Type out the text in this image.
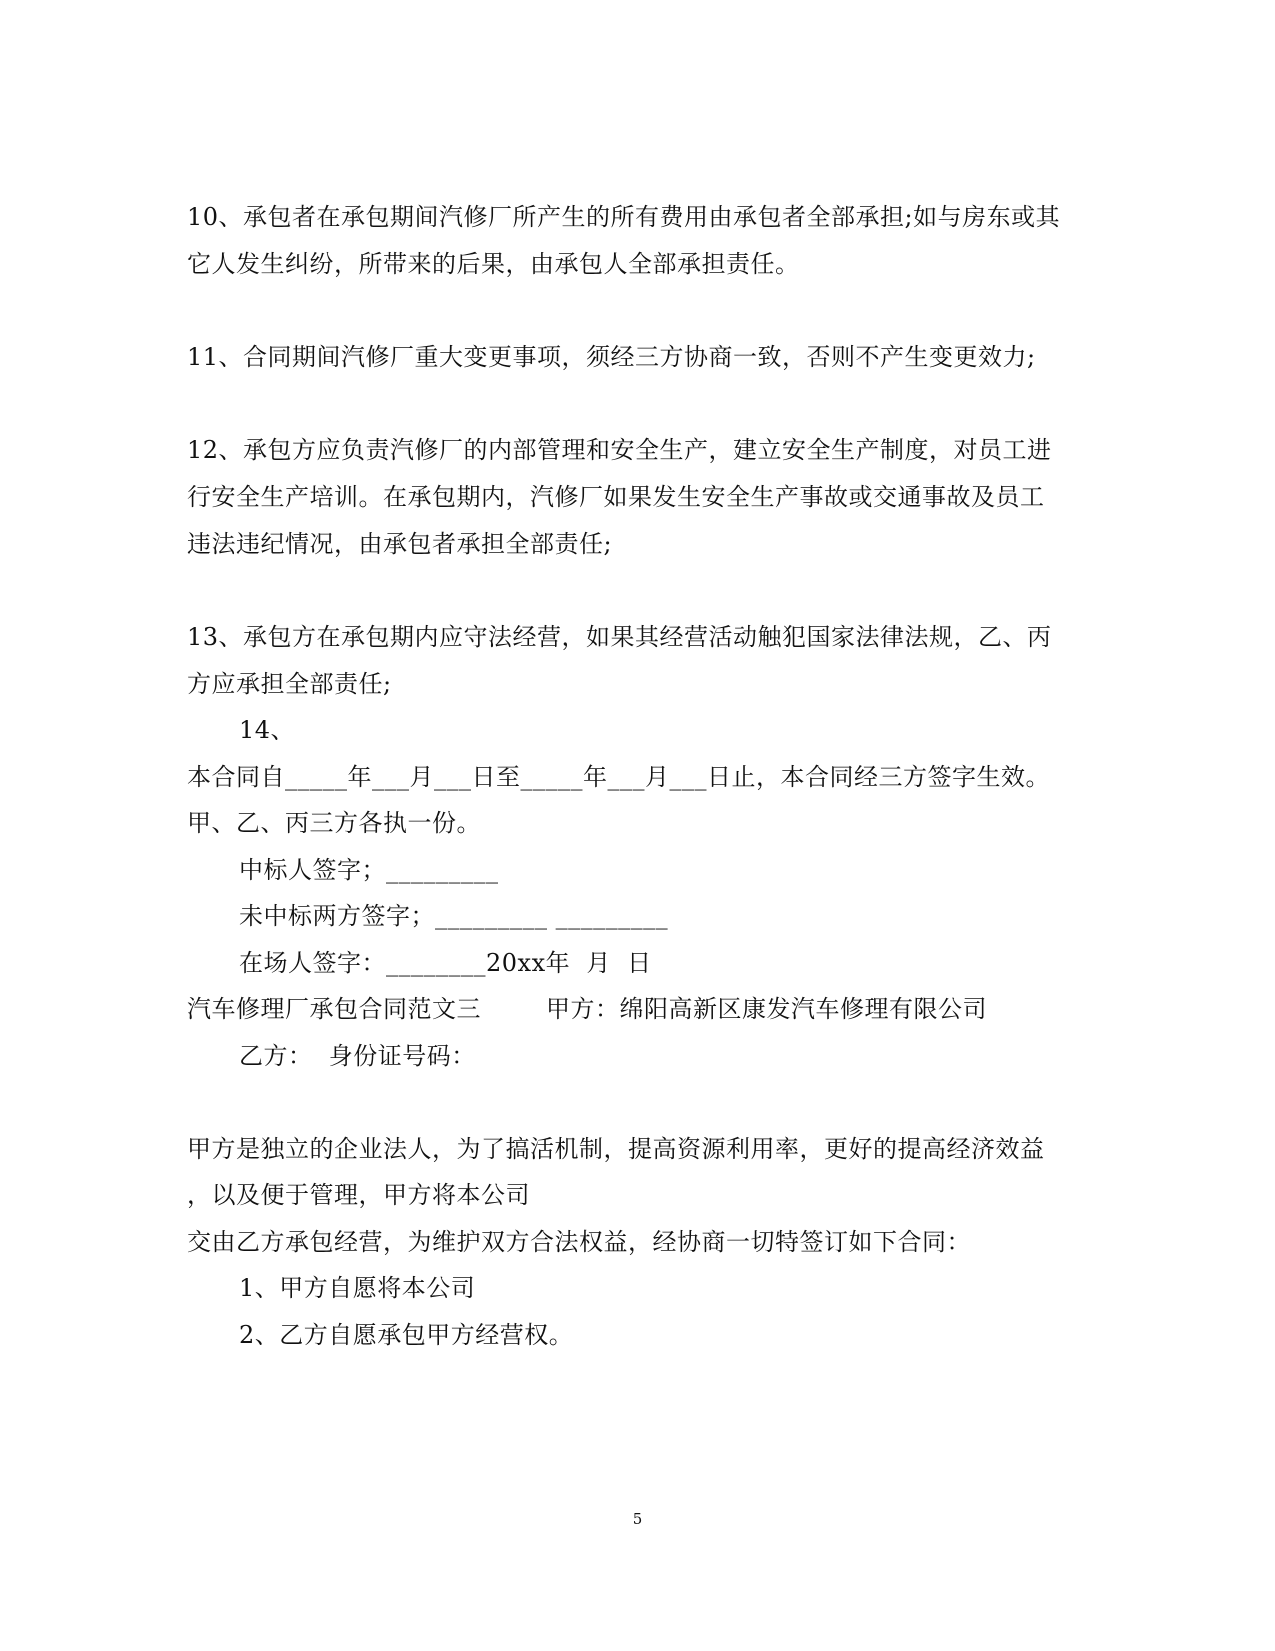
10、承包者在承包期间汽修厂所产生的所有费用由承包者全部承担;如与房东或其
它人发生纠纷，所带来的后果，由承包人全部承担责任。
11、合同期间汽修厂重大变更事项，须经三方协商一致，否则不产生变更效力;
12、承包方应负责汽修厂的内部管理和安全生产，建立安全生产制度，对员工进
行安全生产培训。在承包期内，汽修厂如果发生安全生产事故或交通事故及员工
违法违纪情况，由承包者承担全部责任;
13、承包方在承包期内应守法经营，如果其经营活动触犯国家法律法规，乙、丙
方应承担全部责任;
14、
本合同自_____年___月___日至_____年___月___日止，本合同经三方签字生效。
甲、乙、丙三方各执一份。
中标人签字；_________
未中标两方签字；_________ _________
在场人签字：________20xx年  月  日
汽车修理厂承包合同范文三        甲方：绵阳高新区康发汽车修理有限公司
乙方：  身份证号码：
甲方是独立的企业法人，为了搞活机制，提高资源利用率，更好的提高经济效益
，以及便于管理，甲方将本公司
交由乙方承包经营，为维护双方合法权益，经协商一切特签订如下合同：
1、甲方自愿将本公司
2、乙方自愿承包甲方经营权。
5
